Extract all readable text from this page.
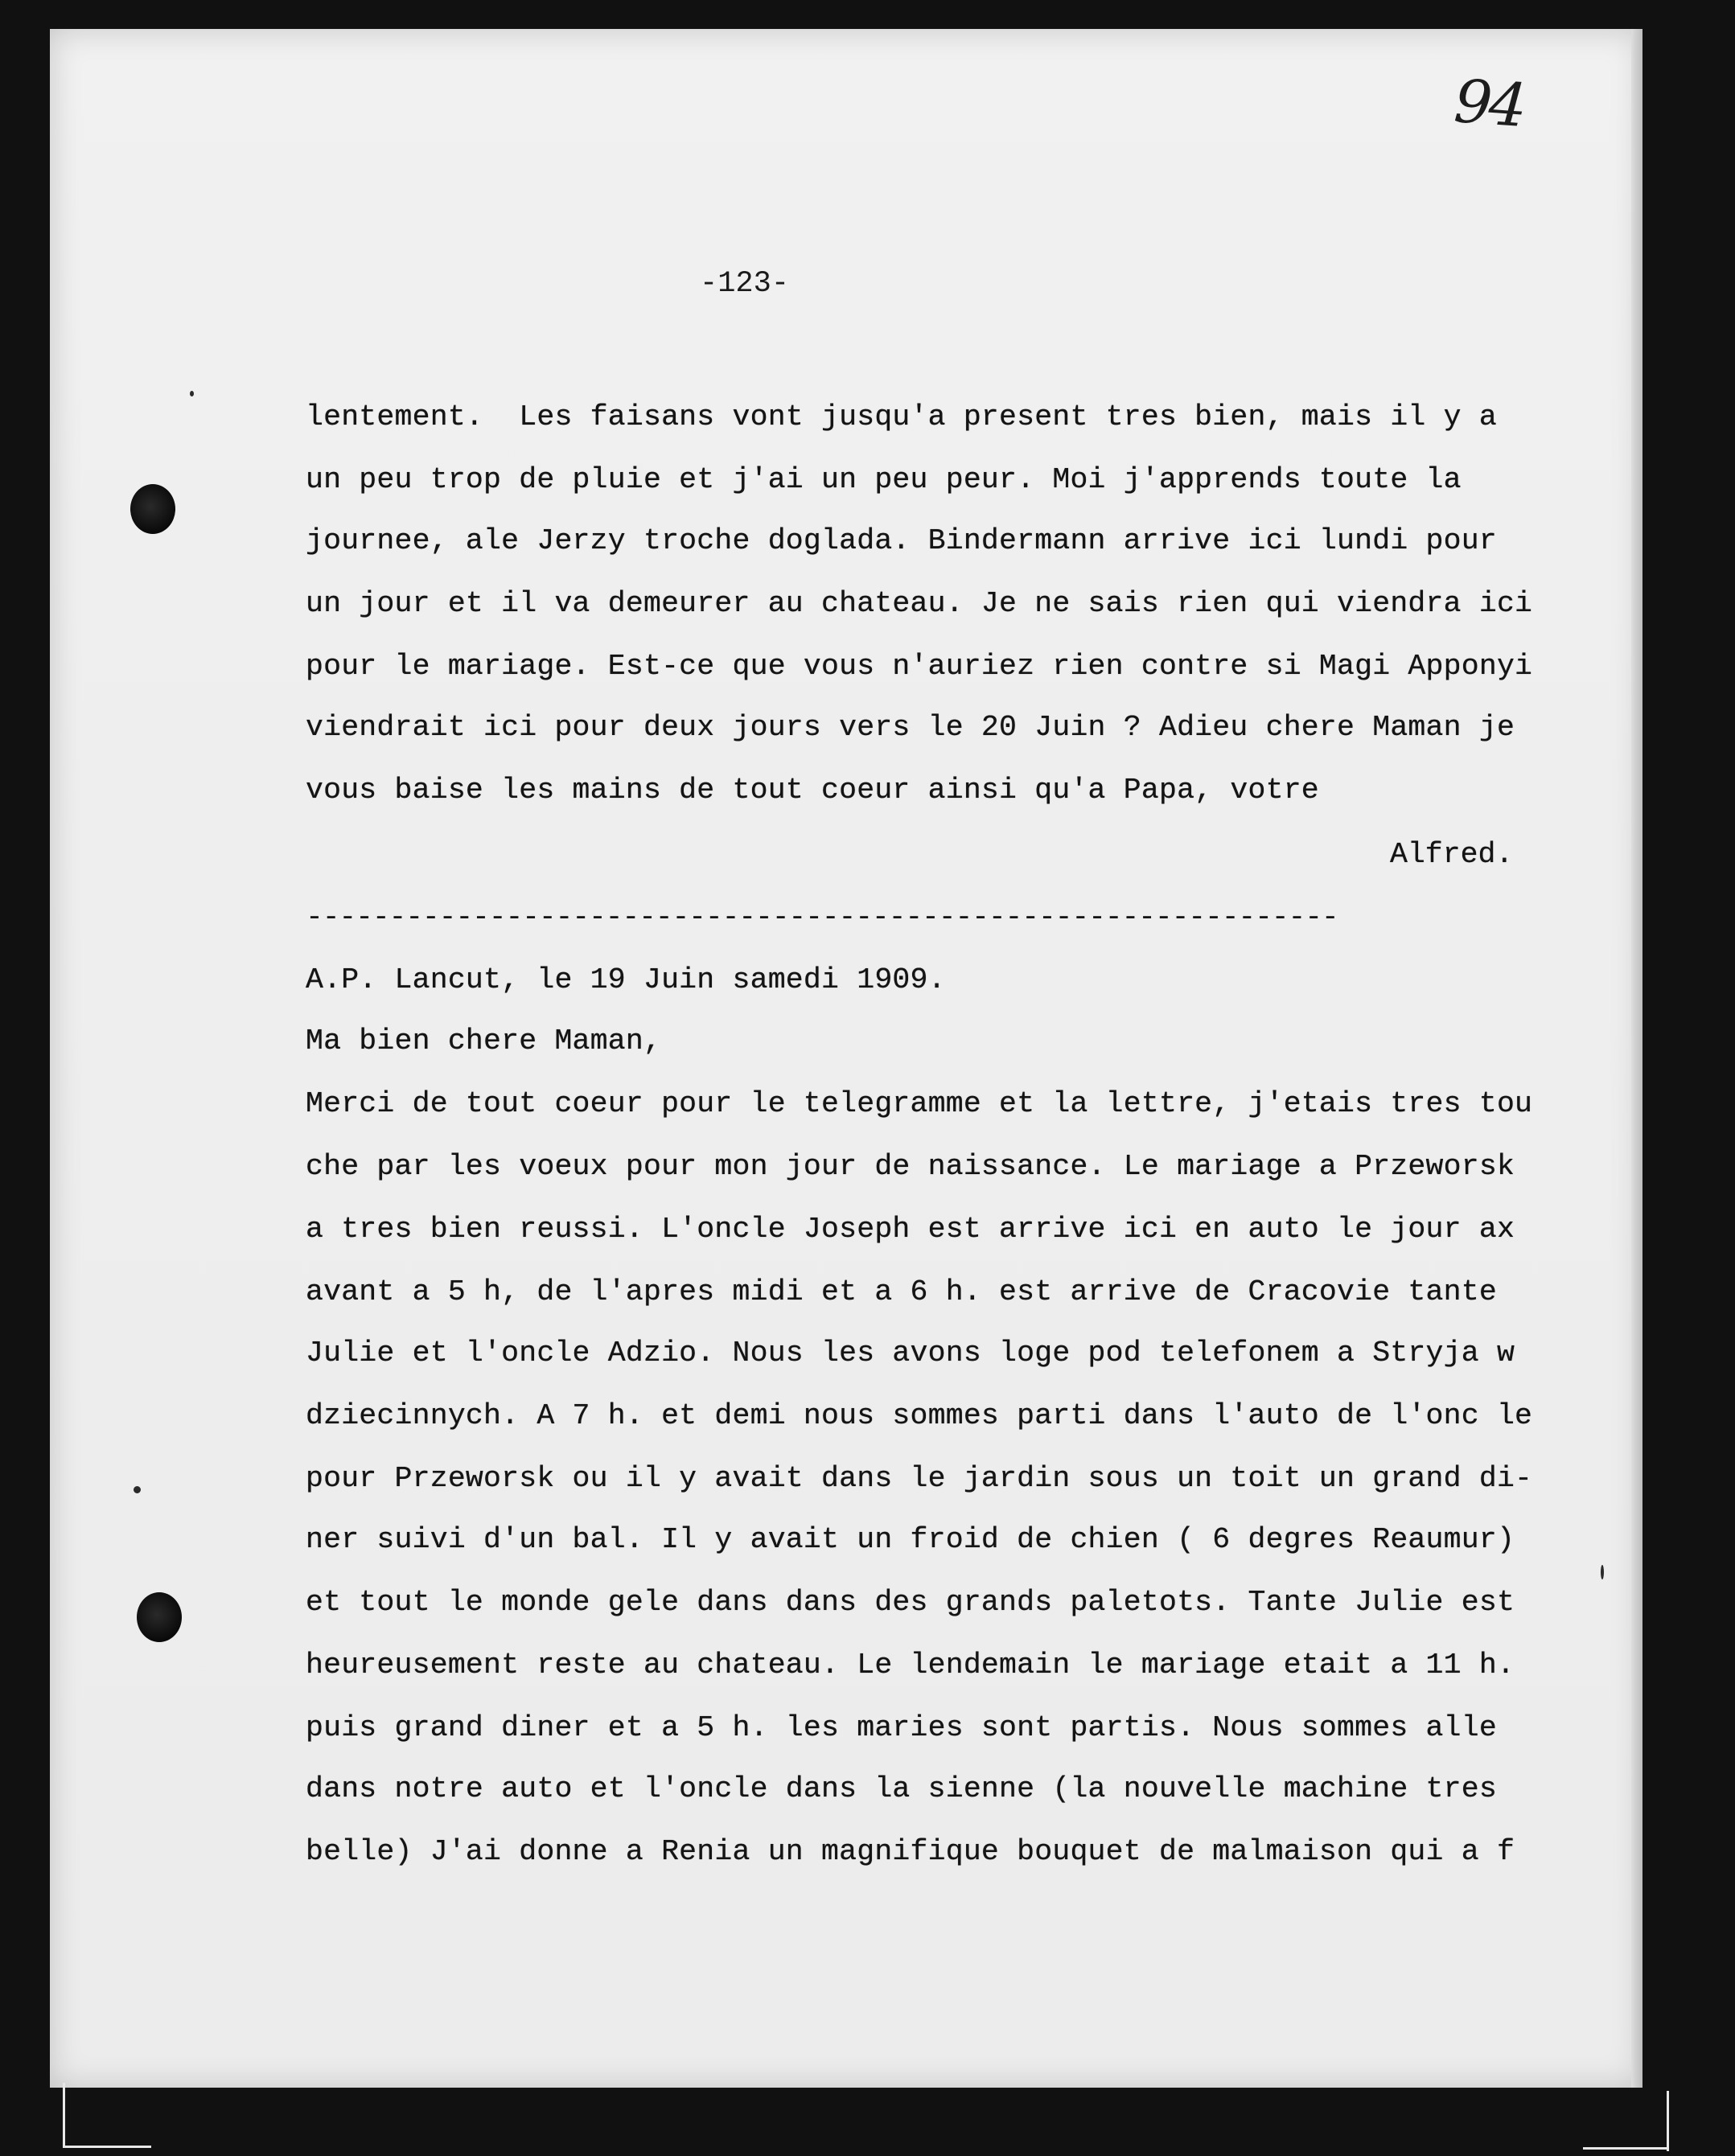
94
-123-
lentement.  Les faisans vont jusqu'a present tres bien, mais il y a
un peu trop de pluie et j'ai un peu peur. Moi j'apprends toute la
journee, ale Jerzy troche doglada. Bindermann arrive ici lundi pour
un jour et il va demeurer au chateau. Je ne sais rien qui viendra ici
pour le mariage. Est-ce que vous n'auriez rien contre si Magi Apponyi
viendrait ici pour deux jours vers le 20 Juin ? Adieu chere Maman je
vous baise les mains de tout coeur ainsi qu'a Papa, votre
Alfred.
--------------------------------------------------------------
A.P. Lancut, le 19 Juin samedi 1909.
Ma bien chere Maman,
Merci de tout coeur pour le telegramme et la lettre, j'etais tres tou
che par les voeux pour mon jour de naissance. Le mariage a Przeworsk
a tres bien reussi. L'oncle Joseph est arrive ici en auto le jour ax
avant a 5 h, de l'apres midi et a 6 h. est arrive de Cracovie tante
Julie et l'oncle Adzio. Nous les avons loge pod telefonem a Stryja w
dziecinnych. A 7 h. et demi nous sommes parti dans l'auto de l'onc le
pour Przeworsk ou il y avait dans le jardin sous un toit un grand di-
ner suivi d'un bal. Il y avait un froid de chien ( 6 degres Reaumur)
et tout le monde gele dans dans des grands paletots. Tante Julie est
heureusement reste au chateau. Le lendemain le mariage etait a 11 h.
puis grand diner et a 5 h. les maries sont partis. Nous sommes alle
dans notre auto et l'oncle dans la sienne (la nouvelle machine tres
belle) J'ai donne a Renia un magnifique bouquet de malmaison qui a f
